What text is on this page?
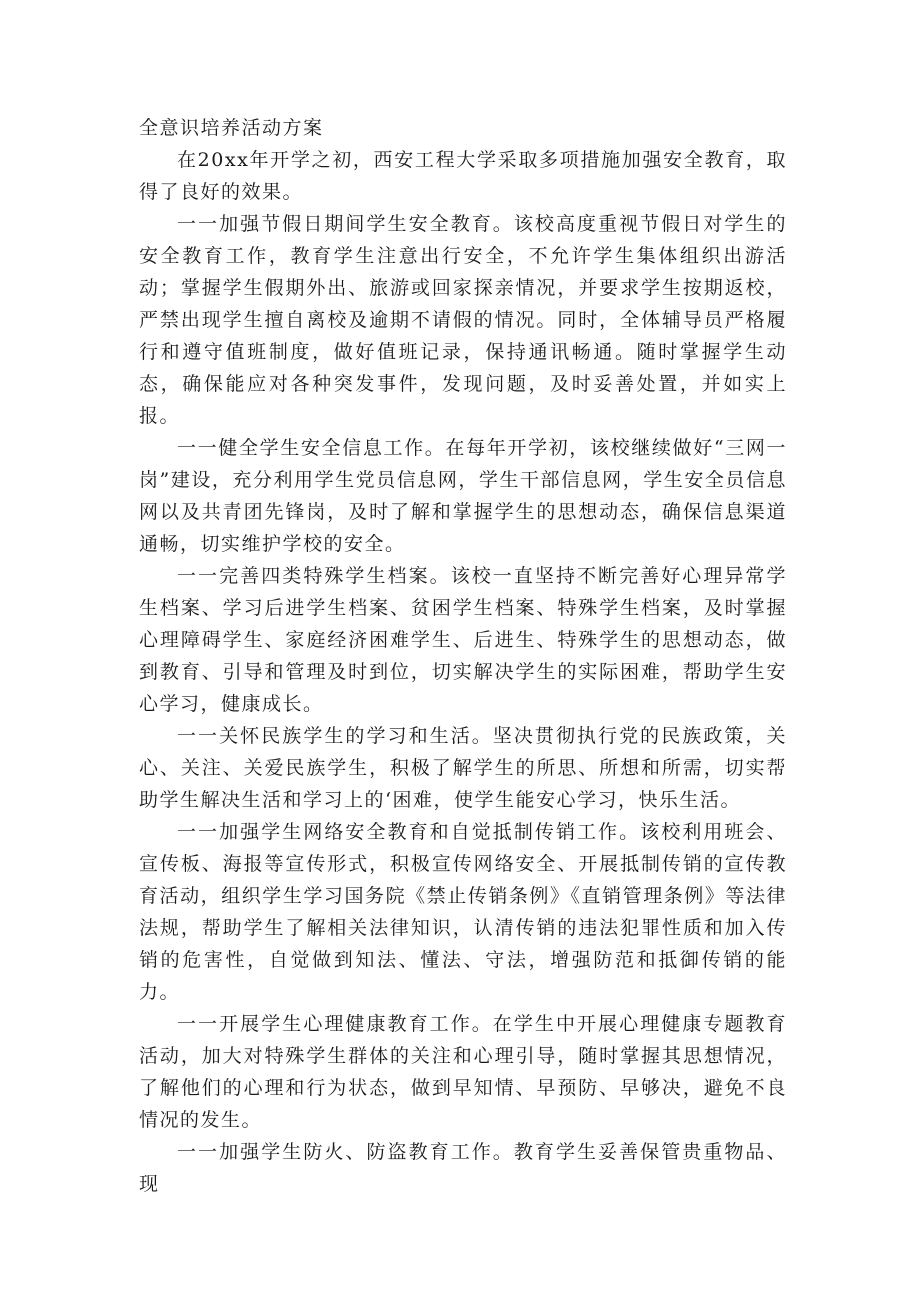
全意识培养活动方案

在20xx年开学之初，西安工程大学采取多项措施加强安全教育，取得了良好的效果。

一一加强节假日期间学生安全教育。该校高度重视节假日对学生的安全教育工作，教育学生注意出行安全，不允许学生集体组织出游活动；掌握学生假期外出、旅游或回家探亲情况，并要求学生按期返校，严禁出现学生擅自离校及逾期不请假的情况。同时，全体辅导员严格履行和遵守值班制度，做好值班记录，保持通讯畅通。随时掌握学生动态，确保能应对各种突发事件，发现问题，及时妥善处置，并如实上报。

一一健全学生安全信息工作。在每年开学初，该校继续做好“三网一岗”建设，充分利用学生党员信息网，学生干部信息网，学生安全员信息网以及共青团先锋岗，及时了解和掌握学生的思想动态，确保信息渠道通畅，切实维护学校的安全。

一一完善四类特殊学生档案。该校一直坚持不断完善好心理异常学生档案、学习后进学生档案、贫困学生档案、特殊学生档案，及时掌握心理障碍学生、家庭经济困难学生、后进生、特殊学生的思想动态，做到教育、引导和管理及时到位，切实解决学生的实际困难，帮助学生安心学习，健康成长。

一一关怀民族学生的学习和生活。坚决贯彻执行党的民族政策，关心、关注、关爱民族学生，积极了解学生的所思、所想和所需，切实帮助学生解决生活和学习上的‘困难，使学生能安心学习，快乐生活。

一一加强学生网络安全教育和自觉抵制传销工作。该校利用班会、宣传板、海报等宣传形式，积极宣传网络安全、开展抵制传销的宣传教育活动，组织学生学习国务院《禁止传销条例》《直销管理条例》等法律法规，帮助学生了解相关法律知识，认清传销的违法犯罪性质和加入传销的危害性，自觉做到知法、懂法、守法，增强防范和抵御传销的能力。

一一开展学生心理健康教育工作。在学生中开展心理健康专题教育活动，加大对特殊学生群体的关注和心理引导，随时掌握其思想情况，了解他们的心理和行为状态，做到早知情、早预防、早够决，避免不良情况的发生。

一一加强学生防火、防盗教育工作。教育学生妥善保管贵重物品、现
